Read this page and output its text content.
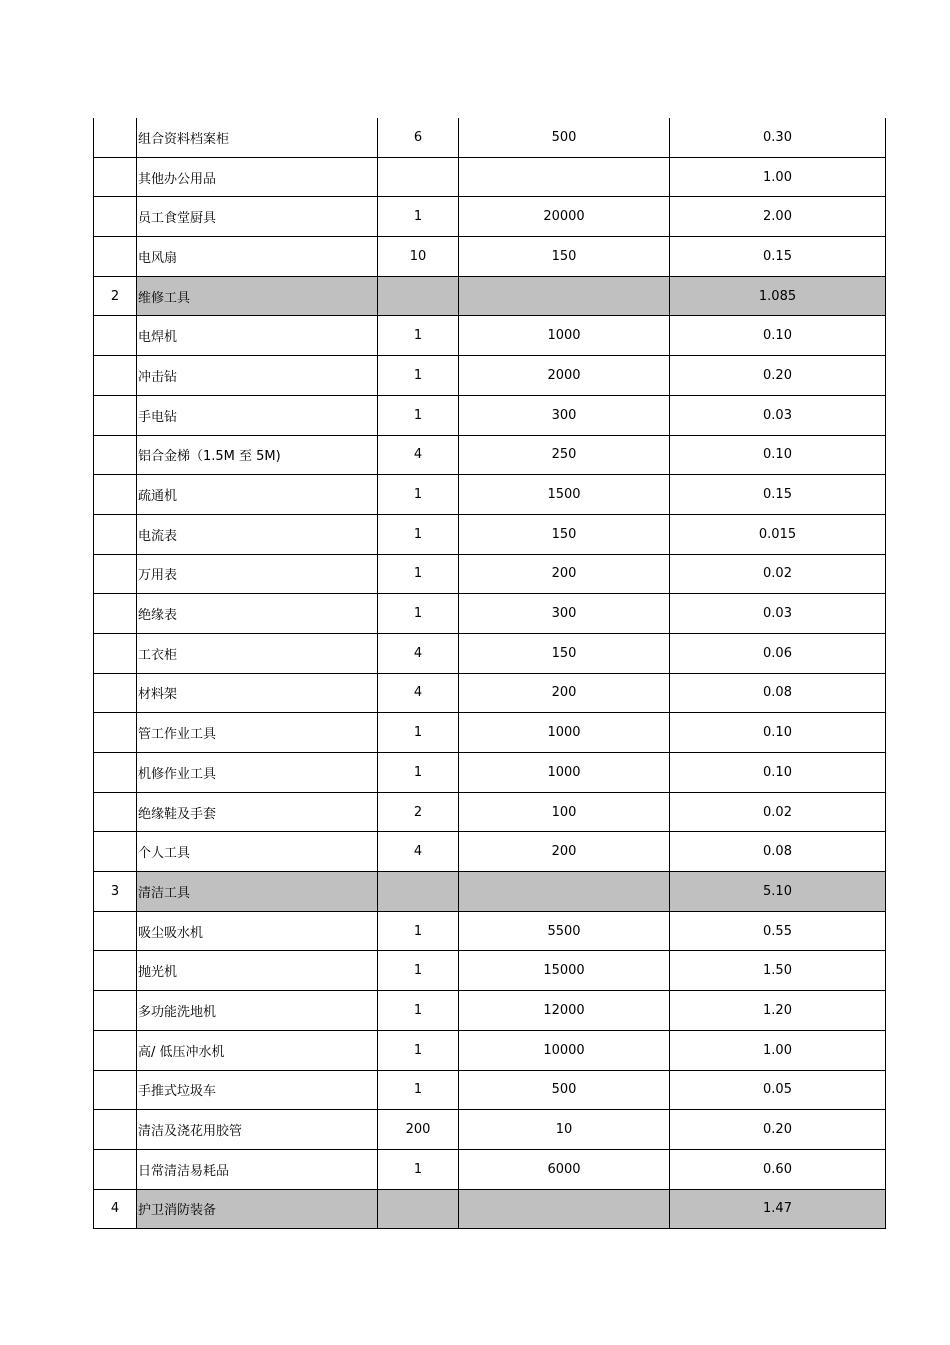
	组合资料档案柜	6	500	0.30
	其他办公用品			1.00
	员工食堂厨具	1	20000	2.00
	电风扇	10	150	0.15
2	维修工具			1.085
	电焊机	1	1000	0.10
	冲击钻	1	2000	0.20
	手电钻	1	300	0.03
	铝合金梯（1.5M 至 5M)	4	250	0.10
	疏通机	1	1500	0.15
	电流表	1	150	0.015
	万用表	1	200	0.02
	绝缘表	1	300	0.03
	工衣柜	4	150	0.06
	材料架	4	200	0.08
	管工作业工具	1	1000	0.10
	机修作业工具	1	1000	0.10
	绝缘鞋及手套	2	100	0.02
	个人工具	4	200	0.08
3	清洁工具			5.10
	吸尘吸水机	1	5500	0.55
	抛光机	1	15000	1.50
	多功能洗地机	1	12000	1.20
	高/ 低压冲水机	1	10000	1.00
	手推式垃圾车	1	500	0.05
	清洁及浇花用胶管	200	10	0.20
	日常清洁易耗品	1	6000	0.60
4	护卫消防装备			1.47
